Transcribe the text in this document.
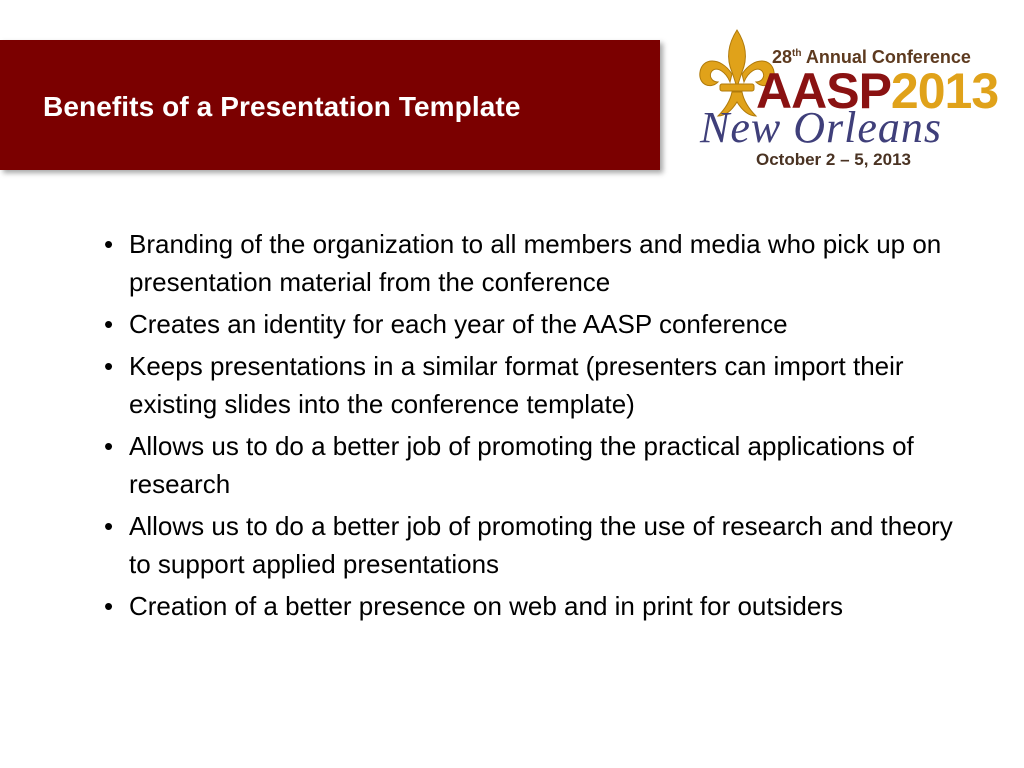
Benefits of a Presentation Template
28th Annual Conference
AASP2013
New Orleans
October 2 – 5, 2013
• Branding of the organization to all members and media who pick up on presentation material from the conference
• Creates an identity for each year of the AASP conference
• Keeps presentations in a similar format (presenters can import their existing slides into the conference template)
• Allows us to do a better job of promoting the practical applications of research
• Allows us to do a better job of promoting the use of research and theory to support applied presentations
• Creation of a better presence on web and in print for outsiders
